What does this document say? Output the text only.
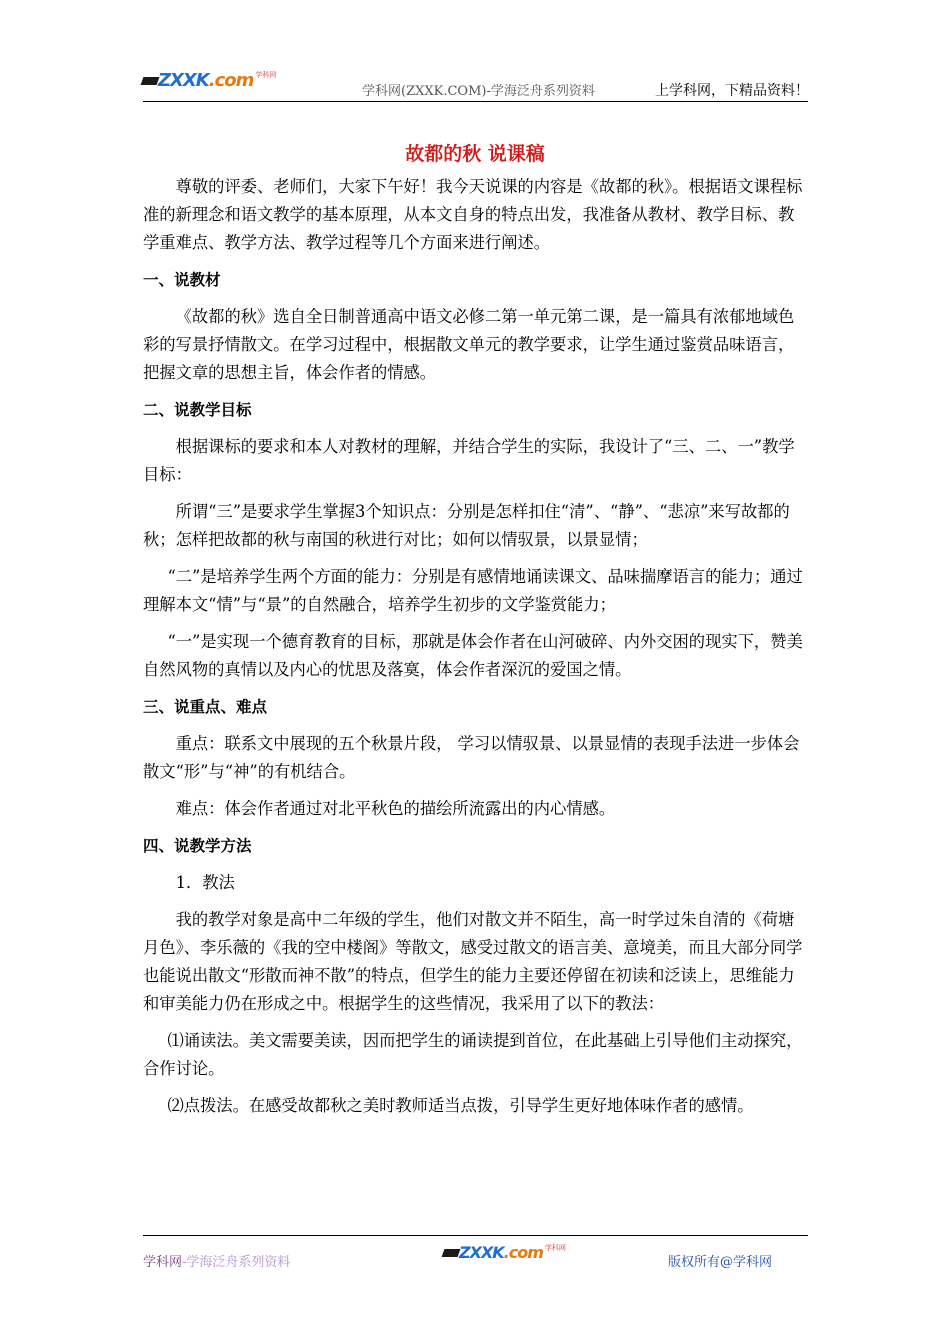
ZXXK.com 学科网
学科网(ZXXK.COM)-学海泛舟系列资料	上学科网，下精品资料！
故都的秋 说课稿

尊敬的评委、老师们，大家下午好！我今天说课的内容是《故都的秋》。根据语文课程标准的新理念和语文教学的基本原理，从本文自身的特点出发，我准备从教材、教学目标、教学重难点、教学方法、教学过程等几个方面来进行阐述。

一、说教材

《故都的秋》选自全日制普通高中语文必修二第一单元第二课，是一篇具有浓郁地域色彩的写景抒情散文。在学习过程中，根据散文单元的教学要求，让学生通过鉴赏品味语言，把握文章的思想主旨，体会作者的情感。

二、说教学目标

根据课标的要求和本人对教材的理解，并结合学生的实际，我设计了“三、二、一”教学目标：

所谓“三”是要求学生掌握3个知识点：分别是怎样扣住“清”、“静”、“悲凉”来写故都的秋；怎样把故都的秋与南国的秋进行对比；如何以情驭景，以景显情；

“二”是培养学生两个方面的能力：分别是有感情地诵读课文、品味揣摩语言的能力；通过理解本文“情”与“景”的自然融合，培养学生初步的文学鉴赏能力；

“一”是实现一个德育教育的目标，那就是体会作者在山河破碎、内外交困的现实下，赞美自然风物的真情以及内心的忧思及落寞，体会作者深沉的爱国之情。

三、说重点、难点

重点：联系文中展现的五个秋景片段， 学习以情驭景、以景显情的表现手法进一步体会散文“形”与“神”的有机结合。

难点：体会作者通过对北平秋色的描绘所流露出的内心情感。

四、说教学方法

1．教法

我的教学对象是高中二年级的学生，他们对散文并不陌生，高一时学过朱自清的《荷塘月色》、李乐薇的《我的空中楼阁》等散文，感受过散文的语言美、意境美，而且大部分同学也能说出散文“形散而神不散”的特点，但学生的能力主要还停留在初读和泛读上，思维能力和审美能力仍在形成之中。根据学生的这些情况，我采用了以下的教法：

⑴诵读法。美文需要美读，因而把学生的诵读提到首位，在此基础上引导他们主动探究，合作讨论。

⑵点拨法。在感受故都秋之美时教师适当点拨，引导学生更好地体味作者的感情。

学科网-学海泛舟系列资料
ZXXK.com 学科网
版权所有@学科网
